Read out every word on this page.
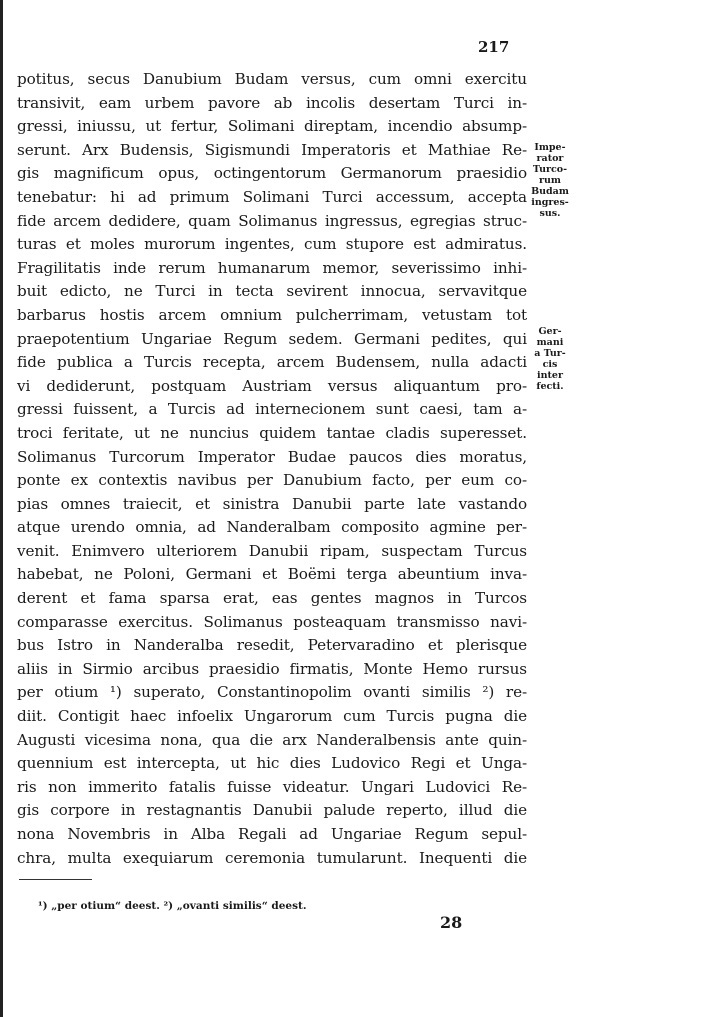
217
potitus, secus Danubium Budam versus, cum omni exercitu
transivit, eam urbem pavore ab incolis desertam Turci in-
gressi, iniussu, ut fertur, Solimani direptam, incendio absump-
serunt. Arx Budensis, Sigismundi Imperatoris et Mathiae Re-
gis magnificum opus, octingentorum Germanorum praesidio
tenebatur: hi ad primum Solimani Turci accessum, accepta
fide arcem dedidere, quam Solimanus ingressus, egregias struc-
turas et moles murorum ingentes, cum stupore est admiratus.
Fragilitatis inde rerum humanarum memor, severissimo inhi-
buit edicto, ne Turci in tecta sevirent innocua, servavitque
barbarus hostis arcem omnium pulcherrimam, vetustam tot
praepotentium Ungariae Regum sedem. Germani pedites, qui
fide publica a Turcis recepta, arcem Budensem, nulla adacti
vi dediderunt, postquam Austriam versus aliquantum pro-
gressi fuissent, a Turcis ad internecionem sunt caesi, tam a-
troci feritate, ut ne nuncius quidem tantae cladis superesset.
Solimanus Turcorum Imperator Budae paucos dies moratus,
ponte ex contextis navibus per Danubium facto, per eum co-
pias omnes traiecit, et sinistra Danubii parte late vastando
atque urendo omnia, ad Nanderalbam composito agmine per-
venit. Enimvero ulteriorem Danubii ripam, suspectam Turcus
habebat, ne Poloni, Germani et Boëmi terga abeuntium inva-
derent et fama sparsa erat, eas gentes magnos in Turcos
comparasse exercitus. Solimanus posteaquam transmisso navi-
bus Istro in Nanderalba resedit, Petervaradino et plerisque
aliis in Sirmio arcibus praesidio firmatis, Monte Hemo rursus
per otium ¹) superato, Constantinopolim ovanti similis ²) re-
diit. Contigit haec infoelix Ungarorum cum Turcis pugna die
Augusti vicesima nona, qua die arx Nanderalbensis ante quin-
quennium est intercepta, ut hic dies Ludovico Regi et Unga-
ris non immerito fatalis fuisse videatur. Ungari Ludovici Re-
gis corpore in restagnantis Danubii palude reperto, illud die
nona Novembris in Alba Regali ad Ungariae Regum sepul-
chra, multa exequiarum ceremonia tumularunt. Inequenti die
Impe-
rator
Turco-
rum
Budam
ingres-
sus.
Ger-
mani
a Tur-
cis
inter
fecti.
¹) „per otium“ deest. ²) „ovanti similis“ deest.
28
